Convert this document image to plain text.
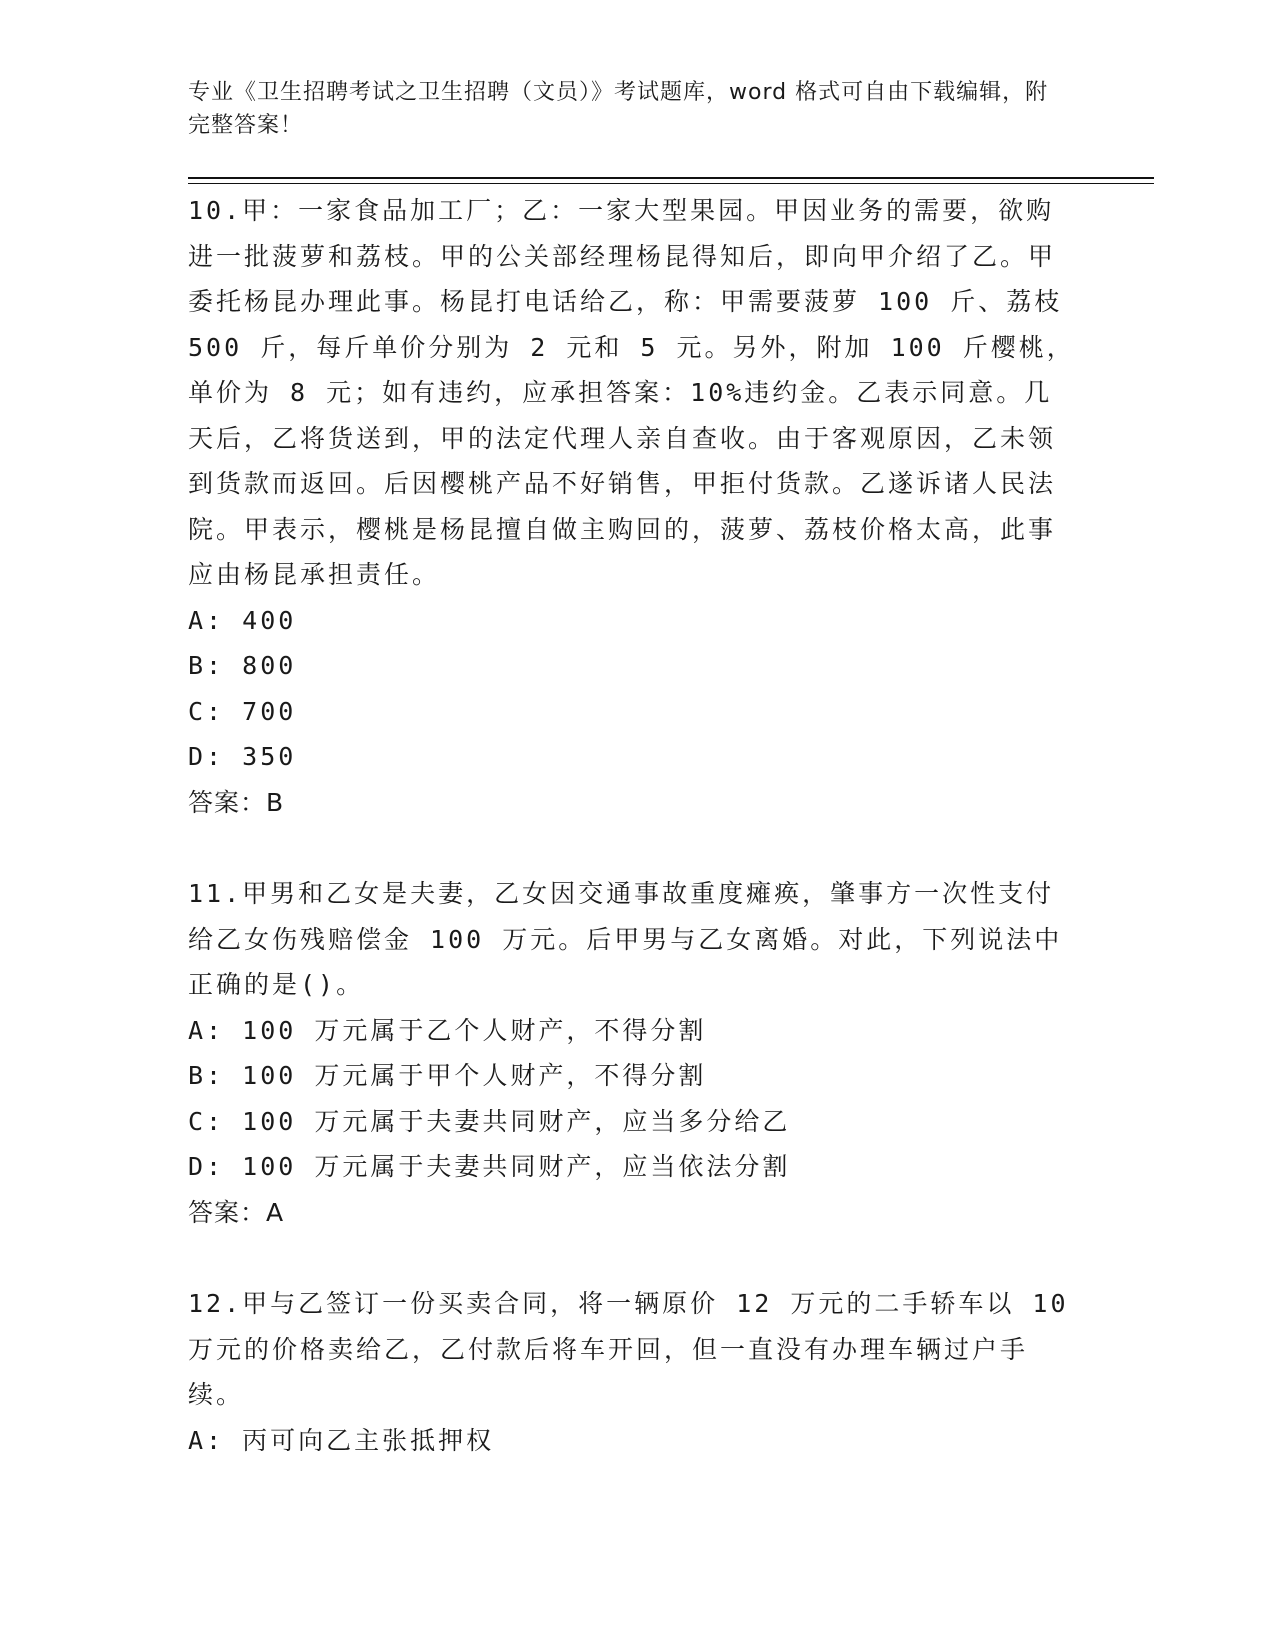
专业《卫生招聘考试之卫生招聘（文员）》考试题库，word 格式可自由下载编辑，附完整答案！
10.甲：一家食品加工厂；乙：一家大型果园。甲因业务的需要，欲购进一批菠萝和荔枝。甲的公关部经理杨昆得知后，即向甲介绍了乙。甲委托杨昆办理此事。杨昆打电话给乙，称：甲需要菠萝 100 斤、荔枝 500 斤，每斤单价分别为 2 元和 5 元。另外，附加 100 斤樱桃，单价为 8 元；如有违约，应承担答案：10%违约金。乙表示同意。几天后，乙将货送到，甲的法定代理人亲自查收。由于客观原因，乙未领到货款而返回。后因樱桃产品不好销售，甲拒付货款。乙遂诉诸人民法院。甲表示，樱桃是杨昆擅自做主购回的，菠萝、荔枝价格太高，此事应由杨昆承担责任。
A: 400
B: 800
C: 700
D: 350
答案：B
11.甲男和乙女是夫妻，乙女因交通事故重度瘫痪，肇事方一次性支付给乙女伤残赔偿金 100 万元。后甲男与乙女离婚。对此，下列说法中正确的是()。
A: 100 万元属于乙个人财产，不得分割
B: 100 万元属于甲个人财产，不得分割
C: 100 万元属于夫妻共同财产，应当多分给乙
D: 100 万元属于夫妻共同财产，应当依法分割
答案：A
12.甲与乙签订一份买卖合同，将一辆原价 12 万元的二手轿车以 10 万元的价格卖给乙，乙付款后将车开回，但一直没有办理车辆过户手续。
A: 丙可向乙主张抵押权
